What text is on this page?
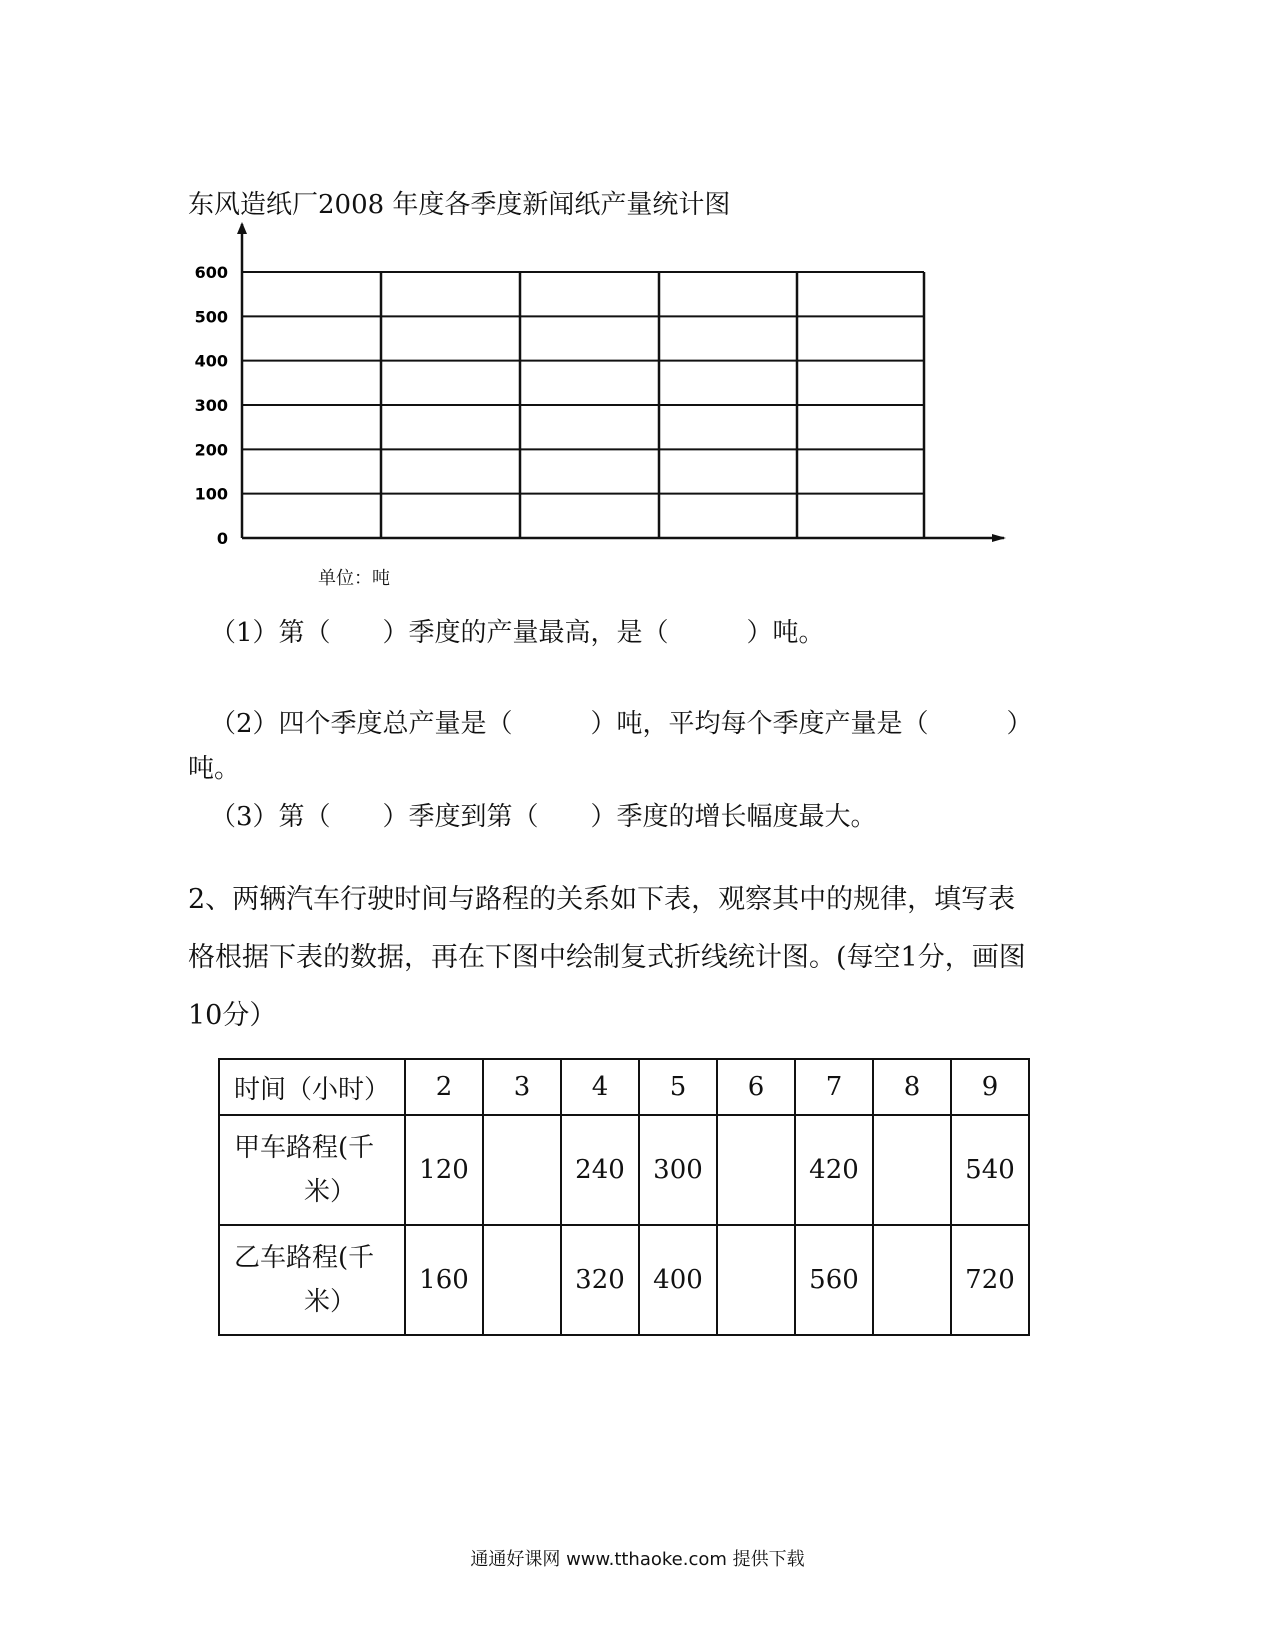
东风造纸厂2008 年度各季度新闻纸产量统计图
600
500
400
300
200
100
0
单位：吨
（1）第（　　）季度的产量最高，是（　　　）吨。
（2）四个季度总产量是（　　　）吨，平均每个季度产量是（　　　）
吨。
（3）第（　　）季度到第（　　）季度的增长幅度最大。
2、两辆汽车行驶时间与路程的关系如下表，观察其中的规律，填写表
格根据下表的数据，再在下图中绘制复式折线统计图。(每空1分，画图
10分）
时间（小时）	2	3	4	5	6	7	8	9
甲车路程(千
米）	120		240	300		420		540
乙车路程(千
米）	160		320	400		560		720
通通好课网 www.tthaoke.com 提供下载
